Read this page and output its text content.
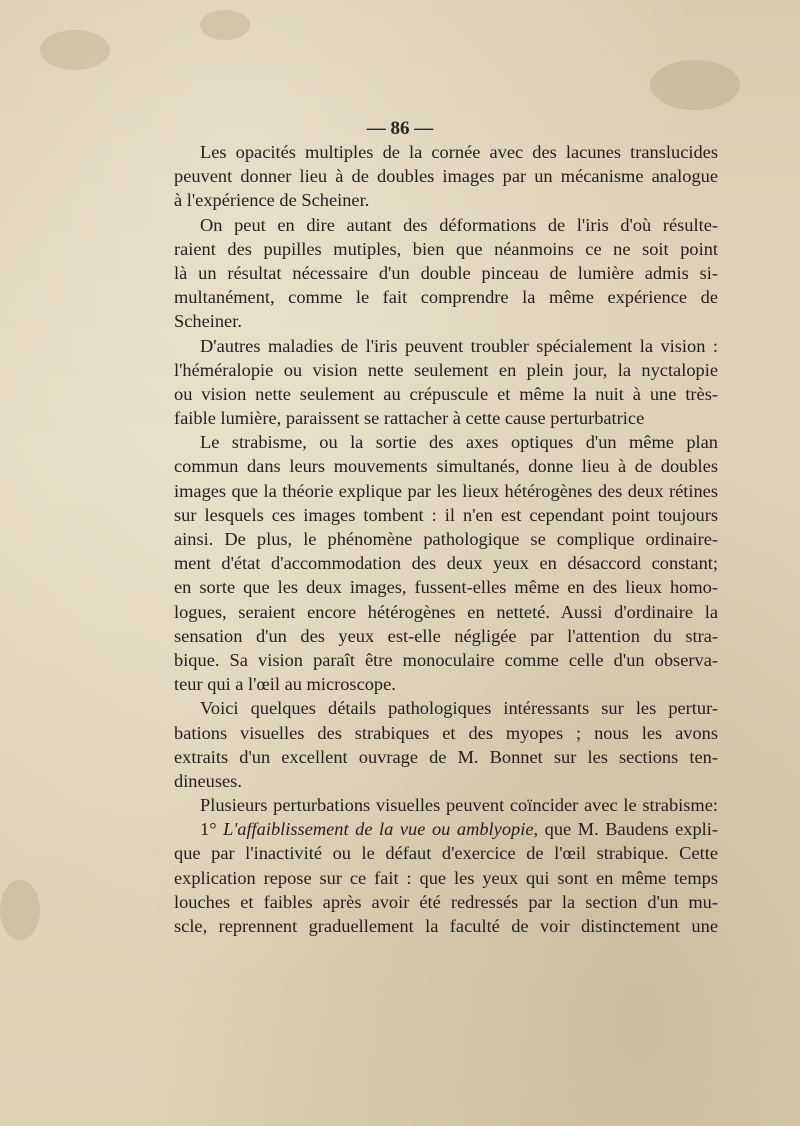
— 86 —
Les opacités multiples de la cornée avec des lacunes translucides
peuvent donner lieu à de doubles images par un mécanisme analogue
à l'expérience de Scheiner.
On peut en dire autant des déformations de l'iris d'où résulte-
raient des pupilles mutiples, bien que néanmoins ce ne soit point
là un résultat nécessaire d'un double pinceau de lumière admis si-
multanément, comme le fait comprendre la même expérience de
Scheiner.
D'autres maladies de l'iris peuvent troubler spécialement la vision :
l'héméralopie ou vision nette seulement en plein jour, la nyctalopie
ou vision nette seulement au crépuscule et même la nuit à une très-
faible lumière, paraissent se rattacher à cette cause perturbatrice
Le strabisme, ou la sortie des axes optiques d'un même plan
commun dans leurs mouvements simultanés, donne lieu à de doubles
images que la théorie explique par les lieux hétérogènes des deux rétines
sur lesquels ces images tombent : il n'en est cependant point toujours
ainsi. De plus, le phénomène pathologique se complique ordinaire-
ment d'état d'accommodation des deux yeux en désaccord constant;
en sorte que les deux images, fussent-elles même en des lieux homo-
logues, seraient encore hétérogènes en netteté. Aussi d'ordinaire la
sensation d'un des yeux est-elle négligée par l'attention du stra-
bique. Sa vision paraît être monoculaire comme celle d'un observa-
teur qui a l'œil au microscope.
Voici quelques détails pathologiques intéressants sur les pertur-
bations visuelles des strabiques et des myopes ; nous les avons
extraits d'un excellent ouvrage de M. Bonnet sur les sections ten-
dineuses.
Plusieurs perturbations visuelles peuvent coïncider avec le strabisme:
1° L'affaiblissement de la vue ou amblyopie, que M. Baudens expli-
que par l'inactivité ou le défaut d'exercice de l'œil strabique. Cette
explication repose sur ce fait : que les yeux qui sont en même temps
louches et faibles après avoir été redressés par la section d'un mu-
scle, reprennent graduellement la faculté de voir distinctement une
